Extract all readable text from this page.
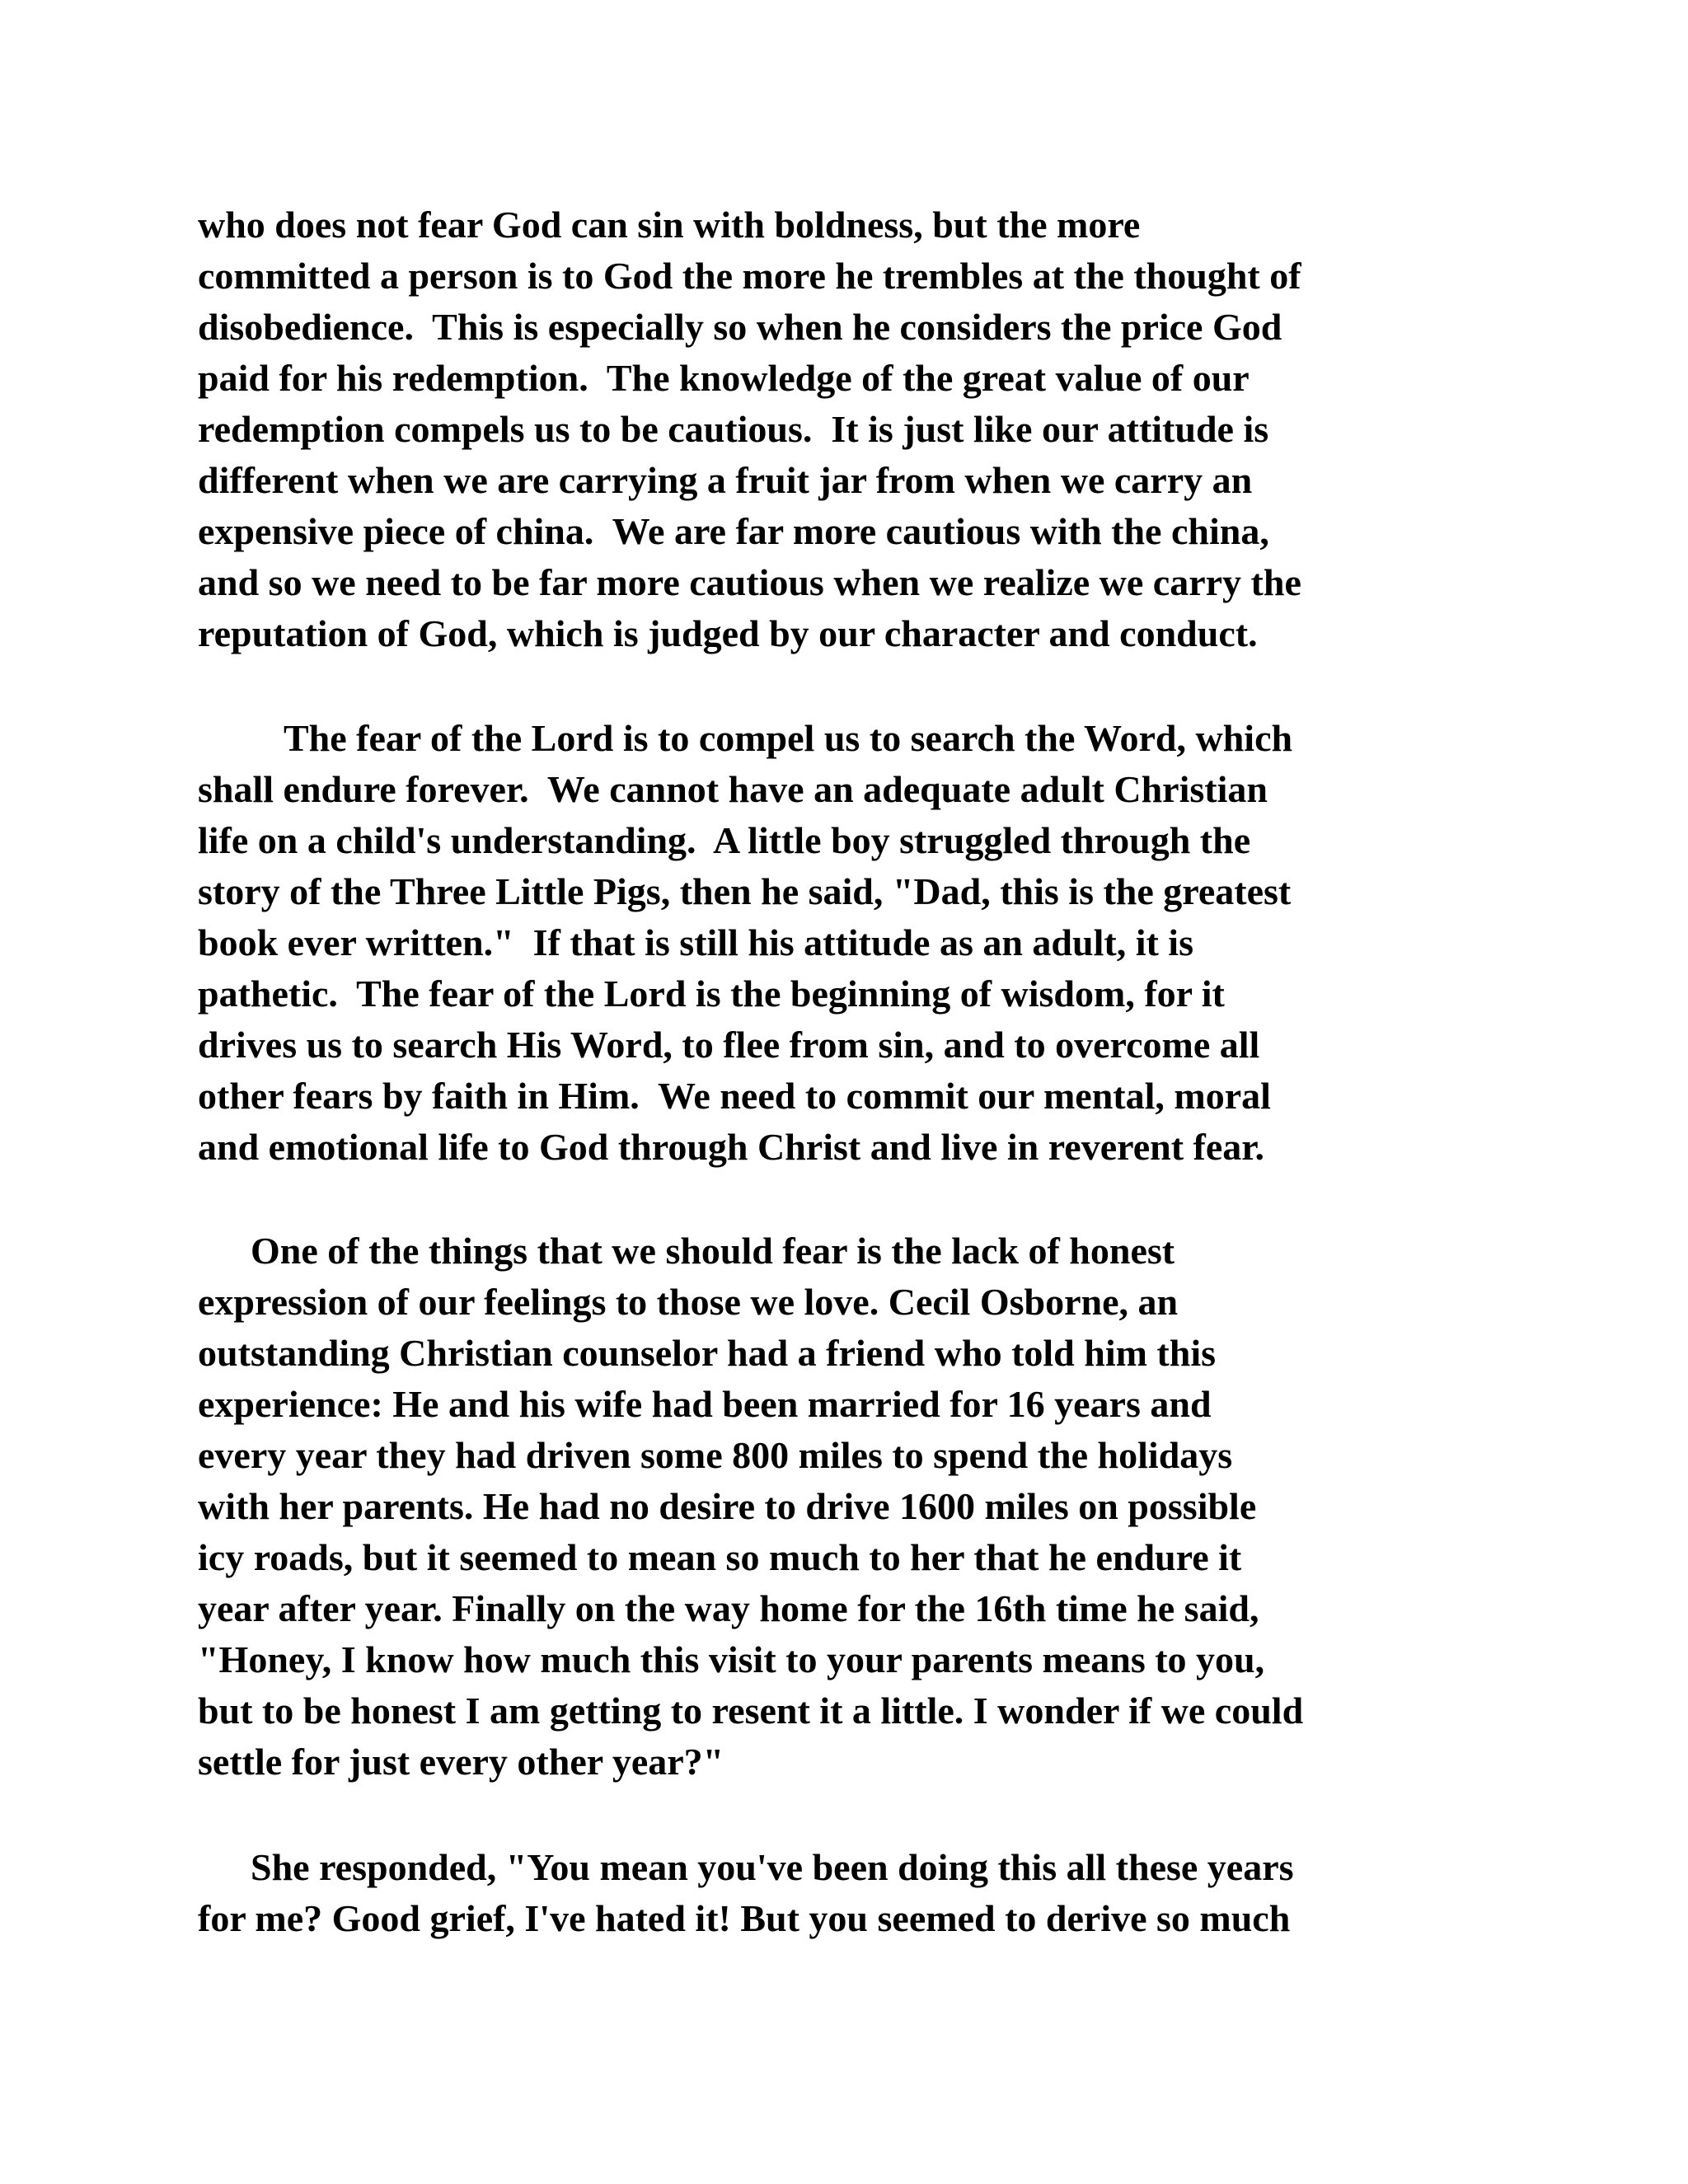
who does not fear God can sin with boldness, but the more
committed a person is to God the more he trembles at the thought of
disobedience.  This is especially so when he considers the price God
paid for his redemption.  The knowledge of the great value of our
redemption compels us to be cautious.  It is just like our attitude is
different when we are carrying a fruit jar from when we carry an
expensive piece of china.  We are far more cautious with the china,
and so we need to be far more cautious when we realize we carry the
reputation of God, which is judged by our character and conduct.
The fear of the Lord is to compel us to search the Word, which
shall endure forever.  We cannot have an adequate adult Christian
life on a child's understanding.  A little boy struggled through the
story of the Three Little Pigs, then he said, "Dad, this is the greatest
book ever written."  If that is still his attitude as an adult, it is
pathetic.  The fear of the Lord is the beginning of wisdom, for it
drives us to search His Word, to flee from sin, and to overcome all
other fears by faith in Him.  We need to commit our mental, moral
and emotional life to God through Christ and live in reverent fear.
One of the things that we should fear is the lack of honest
expression of our feelings to those we love. Cecil Osborne, an
outstanding Christian counselor had a friend who told him this
experience: He and his wife had been married for 16 years and
every year they had driven some 800 miles to spend the holidays
with her parents. He had no desire to drive 1600 miles on possible
icy roads, but it seemed to mean so much to her that he endure it
year after year. Finally on the way home for the 16th time he said,
"Honey, I know how much this visit to your parents means to you,
but to be honest I am getting to resent it a little. I wonder if we could
settle for just every other year?"
She responded, "You mean you've been doing this all these years
for me? Good grief, I've hated it! But you seemed to derive so much
